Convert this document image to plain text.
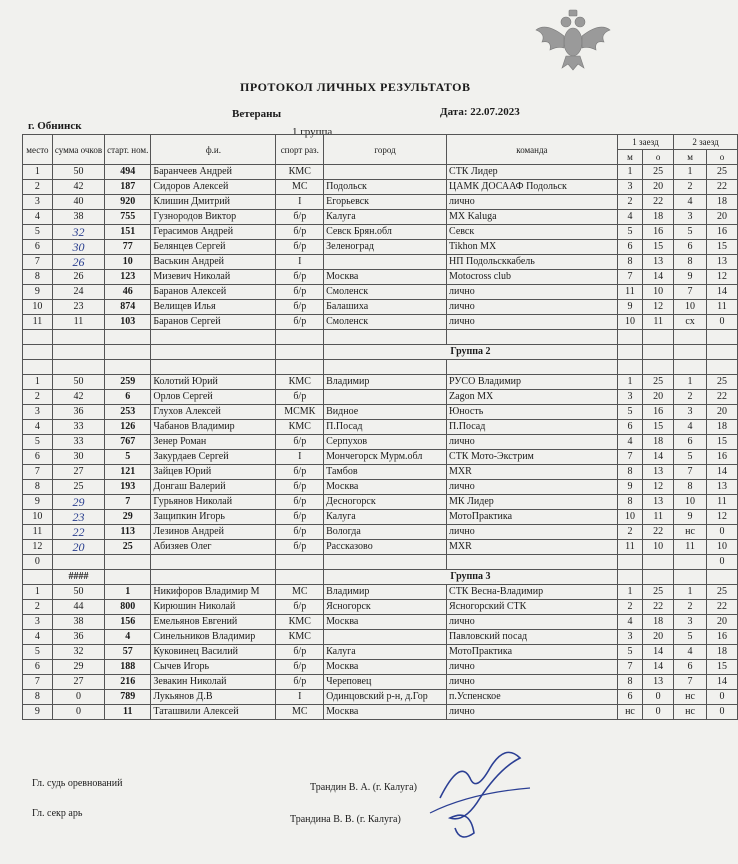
ПРОТОКОЛ ЛИЧНЫХ РЕЗУЛЬТАТОВ
Ветераны	Дата: 22.07.2023
г. Обнинск	1 группа
место	сумма очков	старт. ном.	ф.и.	спорт раз.	город	команда	1 заезд		2 заезд	
							м	о	м	о
1	50	494	Баранчеев Андрей	КМС		СТК Лидер	1	25	1	25
2	42	187	Сидоров Алексей	МС	Подольск	ЦАМК ДОСААФ Подольск	3	20	2	22
3	40	920	Клишин Дмитрий	I	Егорьевск	лично	2	22	4	18
4	38	755	Гузнородов Виктор	б/р	Калуга	MX Kaluga	4	18	3	20
5	32	151	Герасимов Андрей	б/р	Севск Брян.обл	Севск	5	16	5	16
6	30	77	Белянцев Сергей	б/р	Зеленоград	Tikhon MX	6	15	6	15
7	26	10	Васькин Андрей	I		НП Подольсккабель	8	13	8	13
8	26	123	Мизевич Николай	б/р	Москва	Motocross club	7	14	9	12
9	24	46	Баранов Алексей	б/р	Смоленск	лично	11	10	7	14
10	23	874	Велищев Илья	б/р	Балашиха	лично	9	12	10	11
11	11	103	Баранов Сергей	б/р	Смоленск	лично	10	11	сх	0

					Группа 2					

1	50	259	Колотий Юрий	КМС	Владимир	РУСО Владимир	1	25	1	25
2	42	6	Орлов Сергей	б/р		Zagon MX	3	20	2	22
3	36	253	Глухов Алексей	МСМК	Видное	Юность	5	16	3	20
4	33	126	Чабанов Владимир	КМС	П.Посад	П.Посад	6	15	4	18
5	33	767	Зенер Роман	б/р	Серпухов	лично	4	18	6	15
6	30	5	Закурдаев Сергей	I	Мончегорск Мурм.обл	СТК Мото-Экстрим	7	14	5	16
7	27	121	Зайцев Юрий	б/р	Тамбов	MXR	8	13	7	14
8	25	193	Донгаш Валерий	б/р	Москва	лично	9	12	8	13
9	29	7	Гурьянов Николай	б/р	Десногорск	МК Лидер	8	13	10	11
10	23	29	Защипкин Игорь	б/р	Калуга	МотоПрактика	10	11	9	12
11	22	113	Лезинов Андрей	б/р	Вологда	лично	2	22	нс	0
12	20	25	Абизяев Олег	б/р	Рассказово	MXR	11	10	11	10
0										0
	####				Группа 3					
1	50	1	Никифоров Владимир М	МС	Владимир	СТК Весна-Владимир	1	25	1	25
2	44	800	Кирюшин Николай	б/р	Ясногорск	Ясногорский СТК	2	22	2	22
3	38	156	Емельянов Евгений	КМС	Москва	лично	4	18	3	20
4	36	4	Синельников Владимир	КМС		Павловский посад	3	20	5	16
5	32	57	Куковинец Василий	б/р	Калуга	МотоПрактика	5	14	4	18
6	29	188	Сычев Игорь	б/р	Москва	лично	7	14	6	15
7	27	216	Зевакин Николай	б/р	Череповец	лично	8	13	7	14
8	0	789	Лукьянов Д.В	I	Одинцовский р-н, д.Гор	п.Успенское	6	0	нс	0
9	0	11	Таташвили Алексей	МС	Москва	лично	нс	0	нс	0
Гл. судь оревнований	Трандин В. А. (г. Калуга)
Гл. секр арь
Трандина В. В. (г. Калуга)
